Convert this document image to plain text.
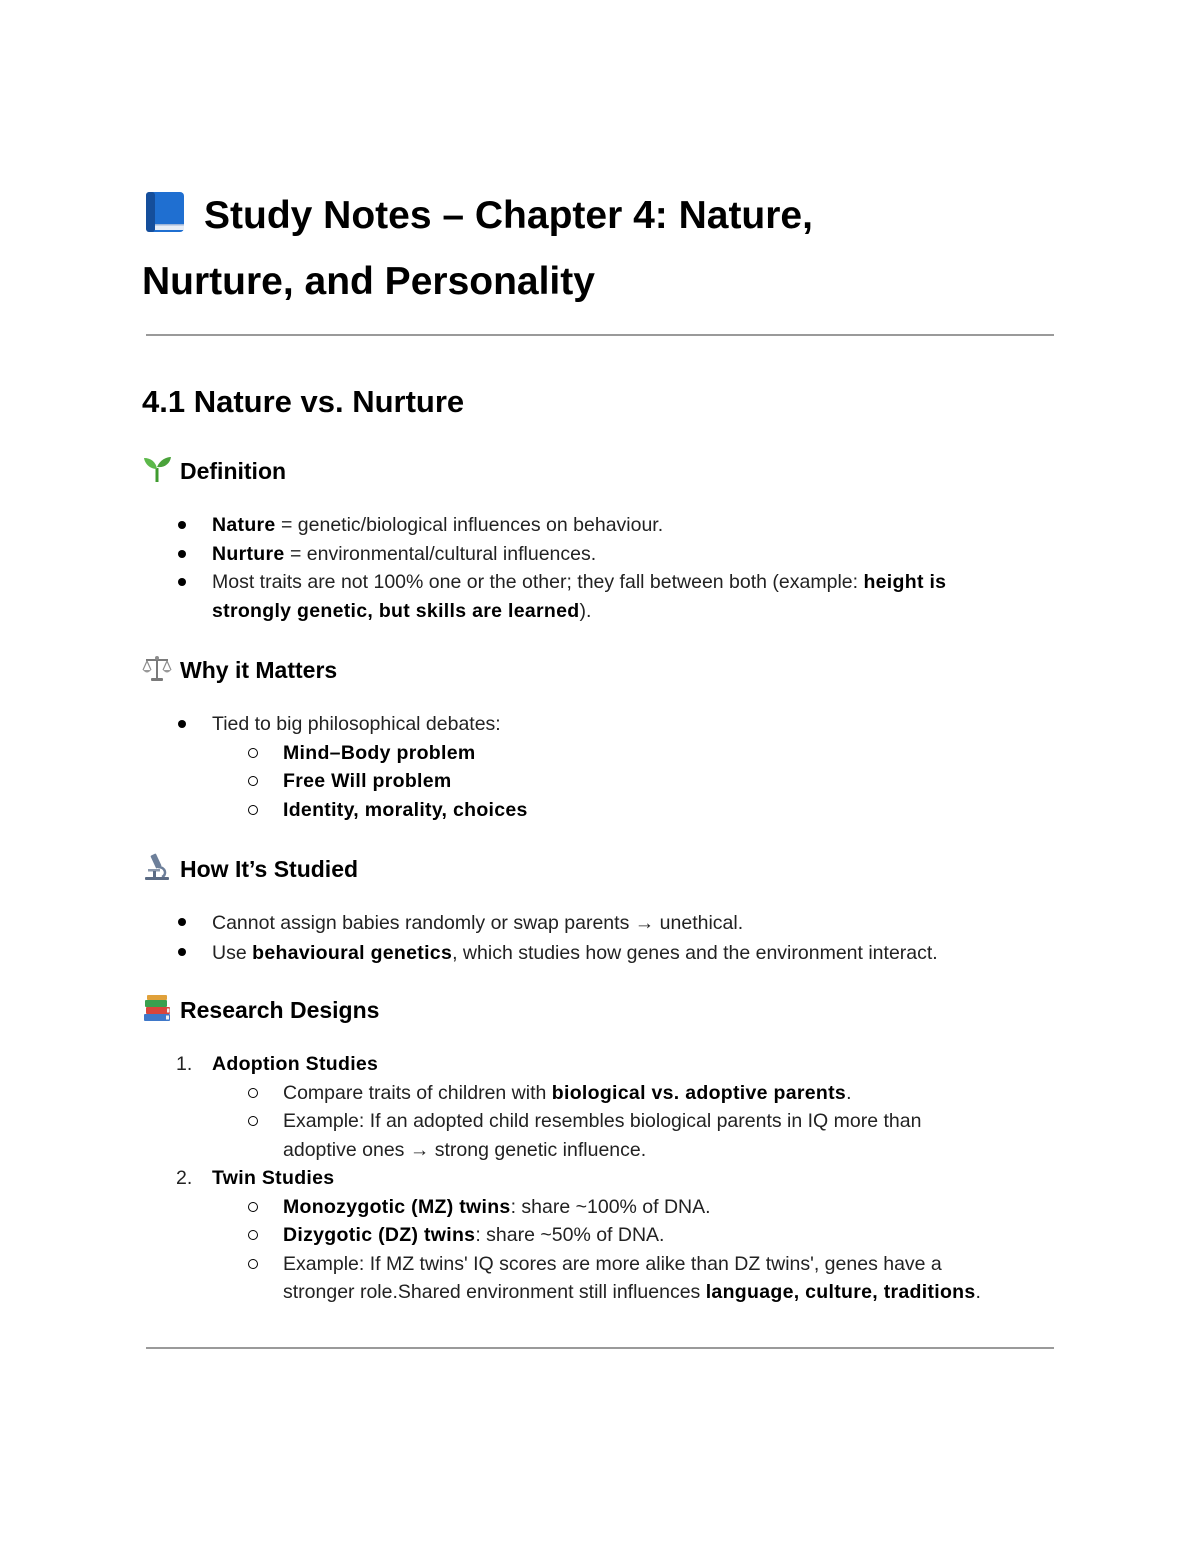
Study Notes – Chapter 4: Nature,
Nurture, and Personality
4.1 Nature vs. Nurture
Definition
Nature = genetic/biological influences on behaviour.
Nurture = environmental/cultural influences.
Most traits are not 100% one or the other; they fall between both (example: height is
strongly genetic, but skills are learned).
Why it Matters
Tied to big philosophical debates:
Mind–Body problem
Free Will problem
Identity, morality, choices
How It’s Studied
Cannot assign babies randomly or swap parents → unethical.
Use behavioural genetics, which studies how genes and the environment interact.
Research Designs
1. Adoption Studies
Compare traits of children with biological vs. adoptive parents.
Example: If an adopted child resembles biological parents in IQ more than
adoptive ones → strong genetic influence.
2. Twin Studies
Monozygotic (MZ) twins: share ~100% of DNA.
Dizygotic (DZ) twins: share ~50% of DNA.
Example: If MZ twins' IQ scores are more alike than DZ twins', genes have a
stronger role.Shared environment still influences language, culture, traditions.
